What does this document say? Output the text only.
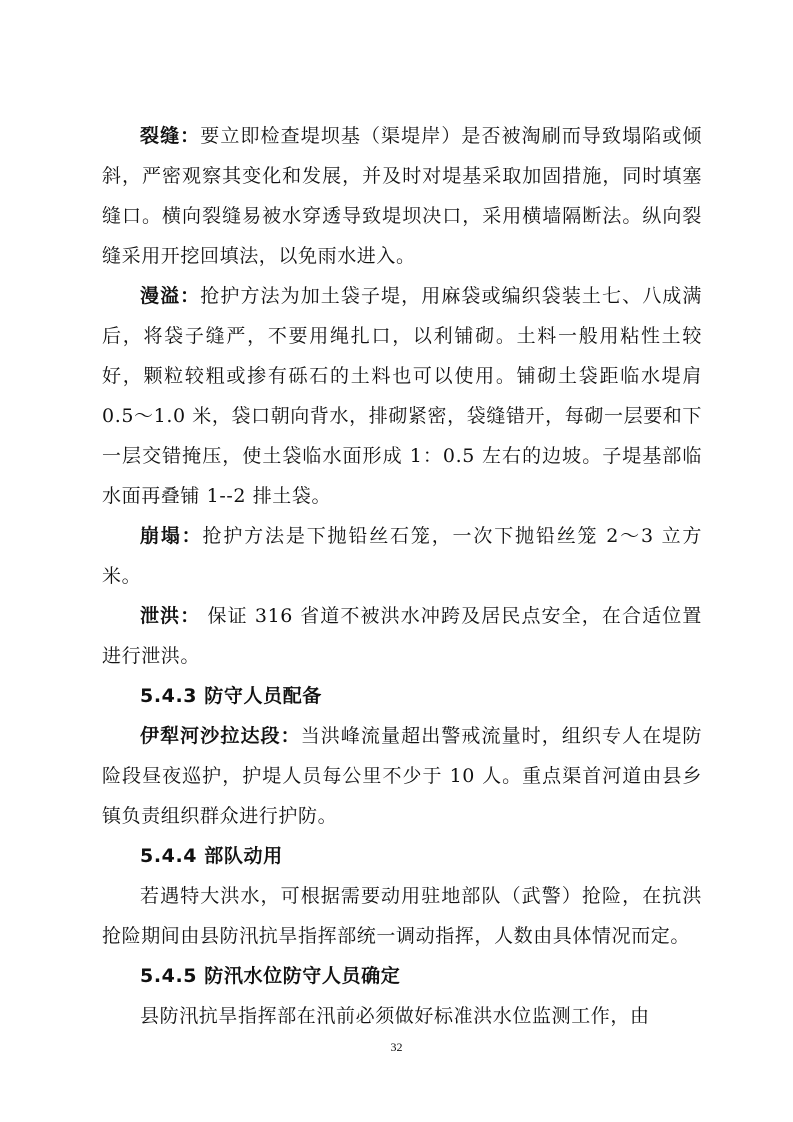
裂缝：要立即检查堤坝基（渠堤岸）是否被淘刷而导致塌陷或倾斜，严密观察其变化和发展，并及时对堤基采取加固措施，同时填塞缝口。横向裂缝易被水穿透导致堤坝决口，采用横墙隔断法。纵向裂缝采用开挖回填法，以免雨水进入。

漫溢：抢护方法为加土袋子堤，用麻袋或编织袋装土七、八成满后，将袋子缝严，不要用绳扎口，以利铺砌。土料一般用粘性土较好，颗粒较粗或掺有砾石的土料也可以使用。铺砌土袋距临水堤肩 0.5～1.0 米，袋口朝向背水，排砌紧密，袋缝错开，每砌一层要和下一层交错掩压，使土袋临水面形成 1：0.5 左右的边坡。子堤基部临水面再叠铺 1--2 排土袋。

崩塌：抢护方法是下抛铅丝石笼，一次下抛铅丝笼 2～3 立方米。

泄洪： 保证 316 省道不被洪水冲跨及居民点安全，在合适位置进行泄洪。

5.4.3 防守人员配备

伊犁河沙拉达段：当洪峰流量超出警戒流量时，组织专人在堤防险段昼夜巡护，护堤人员每公里不少于 10 人。重点渠首河道由县乡镇负责组织群众进行护防。

5.4.4 部队动用

若遇特大洪水，可根据需要动用驻地部队（武警）抢险，在抗洪抢险期间由县防汛抗旱指挥部统一调动指挥，人数由具体情况而定。

5.4.5 防汛水位防守人员确定

县防汛抗旱指挥部在汛前必须做好标准洪水位监测工作，由

32
